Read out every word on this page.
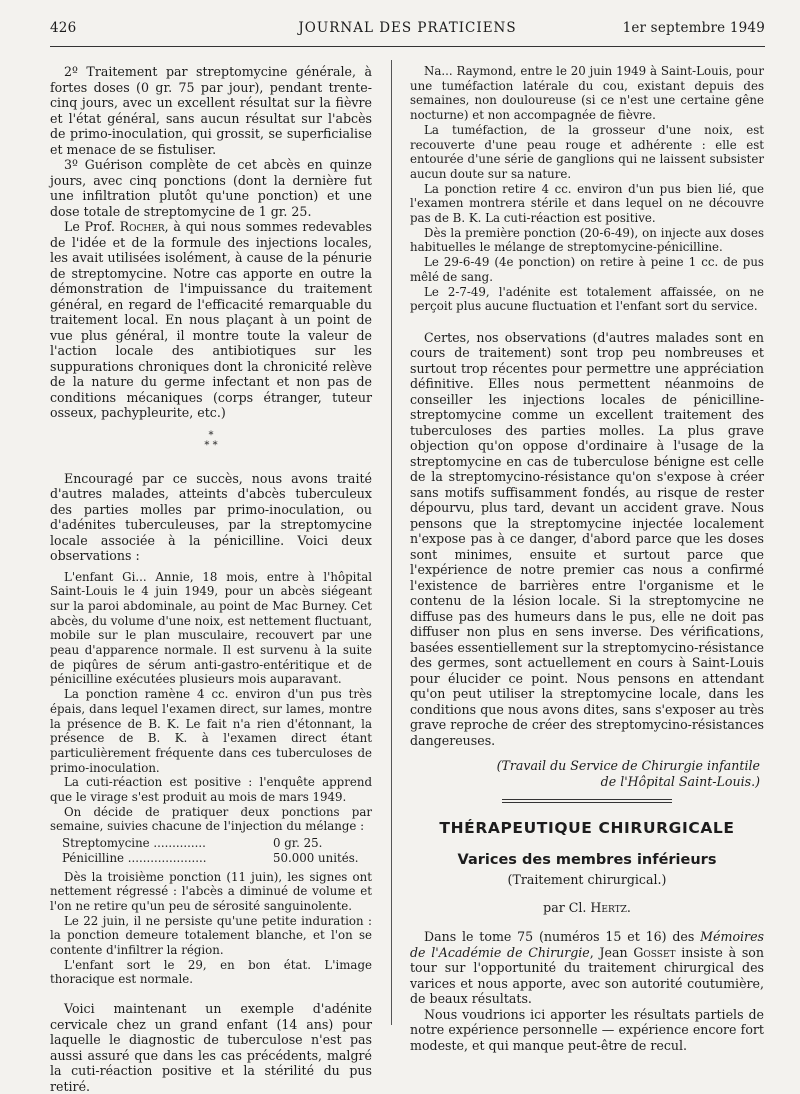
426	JOURNAL DES PRATICIENS	1er septembre 1949

2º Traitement par streptomycine générale, à fortes doses (0 gr. 75 par jour), pendant trente-cinq jours, avec un excellent résultat sur la fièvre et l'état général, sans aucun résultat sur l'abcès de primo-inoculation, qui grossit, se superficialise et menace de se fistuliser.

3º Guérison complète de cet abcès en quinze jours, avec cinq ponctions (dont la dernière fut une infiltration plutôt qu'une ponction) et une dose totale de streptomycine de 1 gr. 25.

Le Prof. Rocher, à qui nous sommes redevables de l'idée et de la formule des injections locales, les avait utilisées isolément, à cause de la pénurie de streptomycine. Notre cas apporte en outre la démonstration de l'impuissance du traitement général, en regard de l'efficacité remarquable du traitement local. En nous plaçant à un point de vue plus général, il montre toute la valeur de l'action locale des antibiotiques sur les suppurations chroniques dont la chronicité relève de la nature du germe infectant et non pas de conditions mécaniques (corps étranger, tuteur osseux, pachypleurite, etc.)

*
* *

Encouragé par ce succès, nous avons traité d'autres malades, atteints d'abcès tuberculeux des parties molles par primo-inoculation, ou d'adénites tuberculeuses, par la streptomycine locale associée à la pénicilline. Voici deux observations :

L'enfant Gi... Annie, 18 mois, entre à l'hôpital Saint-Louis le 4 juin 1949, pour un abcès siégeant sur la paroi abdominale, au point de Mac Burney. Cet abcès, du volume d'une noix, est nettement fluctuant, mobile sur le plan musculaire, recouvert par une peau d'apparence normale. Il est survenu à la suite de piqûres de sérum anti-gastro-entéritique et de pénicilline exécutées plusieurs mois auparavant.

La ponction ramène 4 cc. environ d'un pus très épais, dans lequel l'examen direct, sur lames, montre la présence de B. K. Le fait n'a rien d'étonnant, la présence de B. K. à l'examen direct étant particulièrement fréquente dans ces tuberculoses de primo-inoculation.

La cuti-réaction est positive : l'enquête apprend que le virage s'est produit au mois de mars 1949.

On décide de pratiquer deux ponctions par semaine, suivies chacune de l'injection du mélange :

Streptomycine ..............	0 gr. 25.
Pénicilline .....................	50.000 unités.

Dès la troisième ponction (11 juin), les signes ont nettement régressé : l'abcès a diminué de volume et l'on ne retire qu'un peu de sérosité sanguinolente.

Le 22 juin, il ne persiste qu'une petite induration : la ponction demeure totalement blanche, et l'on se contente d'infiltrer la région.

L'enfant sort le 29, en bon état. L'image thoracique est normale.

Voici maintenant un exemple d'adénite cervicale chez un grand enfant (14 ans) pour laquelle le diagnostic de tuberculose n'est pas aussi assuré que dans les cas précédents, malgré la cuti-réaction positive et la stérilité du pus retiré.

Na... Raymond, entre le 20 juin 1949 à Saint-Louis, pour une tuméfaction latérale du cou, existant depuis des semaines, non douloureuse (si ce n'est une certaine gêne nocturne) et non accompagnée de fièvre.

La tuméfaction, de la grosseur d'une noix, est recouverte d'une peau rouge et adhérente : elle est entourée d'une série de ganglions qui ne laissent subsister aucun doute sur sa nature.

La ponction retire 4 cc. environ d'un pus bien lié, que l'examen montrera stérile et dans lequel on ne découvre pas de B. K. La cuti-réaction est positive.

Dès la première ponction (20-6-49), on injecte aux doses habituelles le mélange de streptomycine-pénicilline.

Le 29-6-49 (4e ponction) on retire à peine 1 cc. de pus mêlé de sang.

Le 2-7-49, l'adénite est totalement affaissée, on ne perçoit plus aucune fluctuation et l'enfant sort du service.

Certes, nos observations (d'autres malades sont en cours de traitement) sont trop peu nombreuses et surtout trop récentes pour permettre une appréciation définitive. Elles nous permettent néanmoins de conseiller les injections locales de pénicilline-streptomycine comme un excellent traitement des tuberculoses des parties molles. La plus grave objection qu'on oppose d'ordinaire à l'usage de la streptomycine en cas de tuberculose bénigne est celle de la streptomycino-résistance qu'on s'expose à créer sans motifs suffisamment fondés, au risque de rester dépourvu, plus tard, devant un accident grave. Nous pensons que la streptomycine injectée localement n'expose pas à ce danger, d'abord parce que les doses sont minimes, ensuite et surtout parce que l'expérience de notre premier cas nous a confirmé l'existence de barrières entre l'organisme et le contenu de la lésion locale. Si la streptomycine ne diffuse pas des humeurs dans le pus, elle ne doit pas diffuser non plus en sens inverse. Des vérifications, basées essentiellement sur la streptomycino-résistance des germes, sont actuellement en cours à Saint-Louis pour élucider ce point. Nous pensons en attendant qu'on peut utiliser la streptomycine locale, dans les conditions que nous avons dites, sans s'exposer au très grave reproche de créer des streptomycino-résistances dangereuses.

(Travail du Service de Chirurgie infantile
de l'Hôpital Saint-Louis.)
THÉRAPEUTIQUE CHIRURGICALE
Varices des membres inférieurs
(Traitement chirurgical.)
par Cl. Hertz.

Dans le tome 75 (numéros 15 et 16) des Mémoires de l'Académie de Chirurgie, Jean Gosset insiste à son tour sur l'opportunité du traitement chirurgical des varices et nous apporte, avec son autorité coutumière, de beaux résultats.

Nous voudrions ici apporter les résultats partiels de notre expérience personnelle — expérience encore fort modeste, et qui manque peut-être de recul.
